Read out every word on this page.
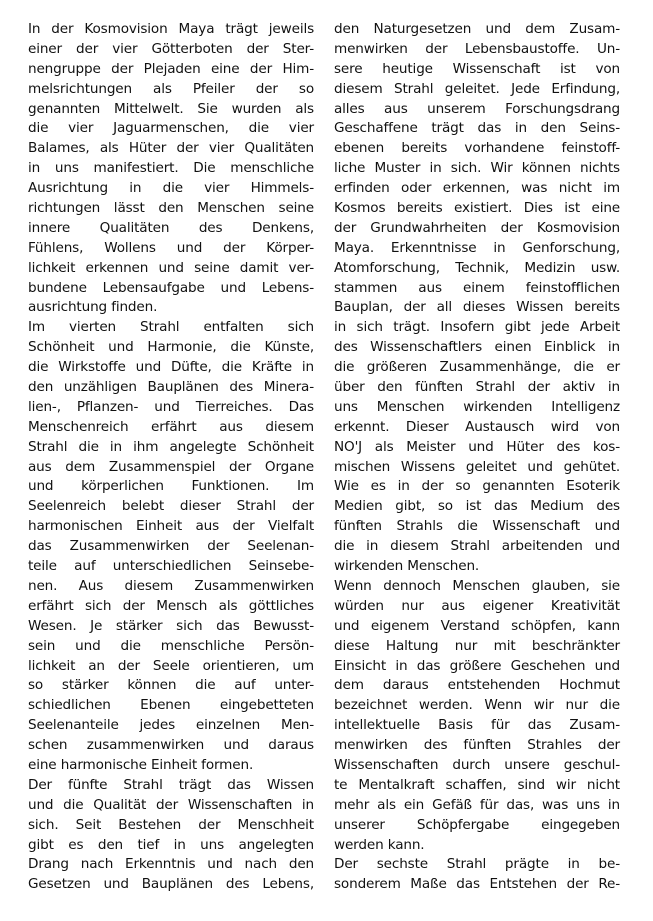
In der Kosmovision Maya trägt jeweils
einer der vier Götterboten der Ster-
nengruppe der Plejaden eine der Him-
melsrichtungen als Pfeiler der so
genannten Mittelwelt. Sie wurden als
die vier Jaguarmenschen, die vier
Balames, als Hüter der vier Qualitäten
in uns manifestiert. Die menschliche
Ausrichtung in die vier Himmels-
richtungen lässt den Menschen seine
innere Qualitäten des Denkens,
Fühlens, Wollens und der Körper-
lichkeit erkennen und seine damit ver-
bundene Lebensaufgabe und Lebens-
ausrichtung finden.
Im vierten Strahl entfalten sich
Schönheit und Harmonie, die Künste,
die Wirkstoffe und Düfte, die Kräfte in
den unzähligen Bauplänen des Minera-
lien-, Pflanzen- und Tierreiches. Das
Menschenreich erfährt aus diesem
Strahl die in ihm angelegte Schönheit
aus dem Zusammenspiel der Organe
und körperlichen Funktionen. Im
Seelenreich belebt dieser Strahl der
harmonischen Einheit aus der Vielfalt
das Zusammenwirken der Seelenan-
teile auf unterschiedlichen Seinsebe-
nen. Aus diesem Zusammenwirken
erfährt sich der Mensch als göttliches
Wesen. Je stärker sich das Bewusst-
sein und die menschliche Persön-
lichkeit an der Seele orientieren, um
so stärker können die auf unter-
schiedlichen Ebenen eingebetteten
Seelenanteile jedes einzelnen Men-
schen zusammenwirken und daraus
eine harmonische Einheit formen.
Der fünfte Strahl trägt das Wissen
und die Qualität der Wissenschaften in
sich. Seit Bestehen der Menschheit
gibt es den tief in uns angelegten
Drang nach Erkenntnis und nach den
Gesetzen und Bauplänen des Lebens,
den Naturgesetzen und dem Zusam-
menwirken der Lebensbaustoffe. Un-
sere heutige Wissenschaft ist von
diesem Strahl geleitet. Jede Erfindung,
alles aus unserem Forschungsdrang
Geschaffene trägt das in den Seins-
ebenen bereits vorhandene feinstoff-
liche Muster in sich. Wir können nichts
erfinden oder erkennen, was nicht im
Kosmos bereits existiert. Dies ist eine
der Grundwahrheiten der Kosmovision
Maya. Erkenntnisse in Genforschung,
Atomforschung, Technik, Medizin usw.
stammen aus einem feinstofflichen
Bauplan, der all dieses Wissen bereits
in sich trägt. Insofern gibt jede Arbeit
des Wissenschaftlers einen Einblick in
die größeren Zusammenhänge, die er
über den fünften Strahl der aktiv in
uns Menschen wirkenden Intelligenz
erkennt. Dieser Austausch wird von
NO'J als Meister und Hüter des kos-
mischen Wissens geleitet und gehütet.
Wie es in der so genannten Esoterik
Medien gibt, so ist das Medium des
fünften Strahls die Wissenschaft und
die in diesem Strahl arbeitenden und
wirkenden Menschen.
Wenn dennoch Menschen glauben, sie
würden nur aus eigener Kreativität
und eigenem Verstand schöpfen, kann
diese Haltung nur mit beschränkter
Einsicht in das größere Geschehen und
dem daraus entstehenden Hochmut
bezeichnet werden. Wenn wir nur die
intellektuelle Basis für das Zusam-
menwirken des fünften Strahles der
Wissenschaften durch unsere geschul-
te Mentalkraft schaffen, sind wir nicht
mehr als ein Gefäß für das, was uns in
unserer Schöpfergabe eingegeben
werden kann.
Der sechste Strahl prägte in be-
sonderem Maße das Entstehen der Re-
